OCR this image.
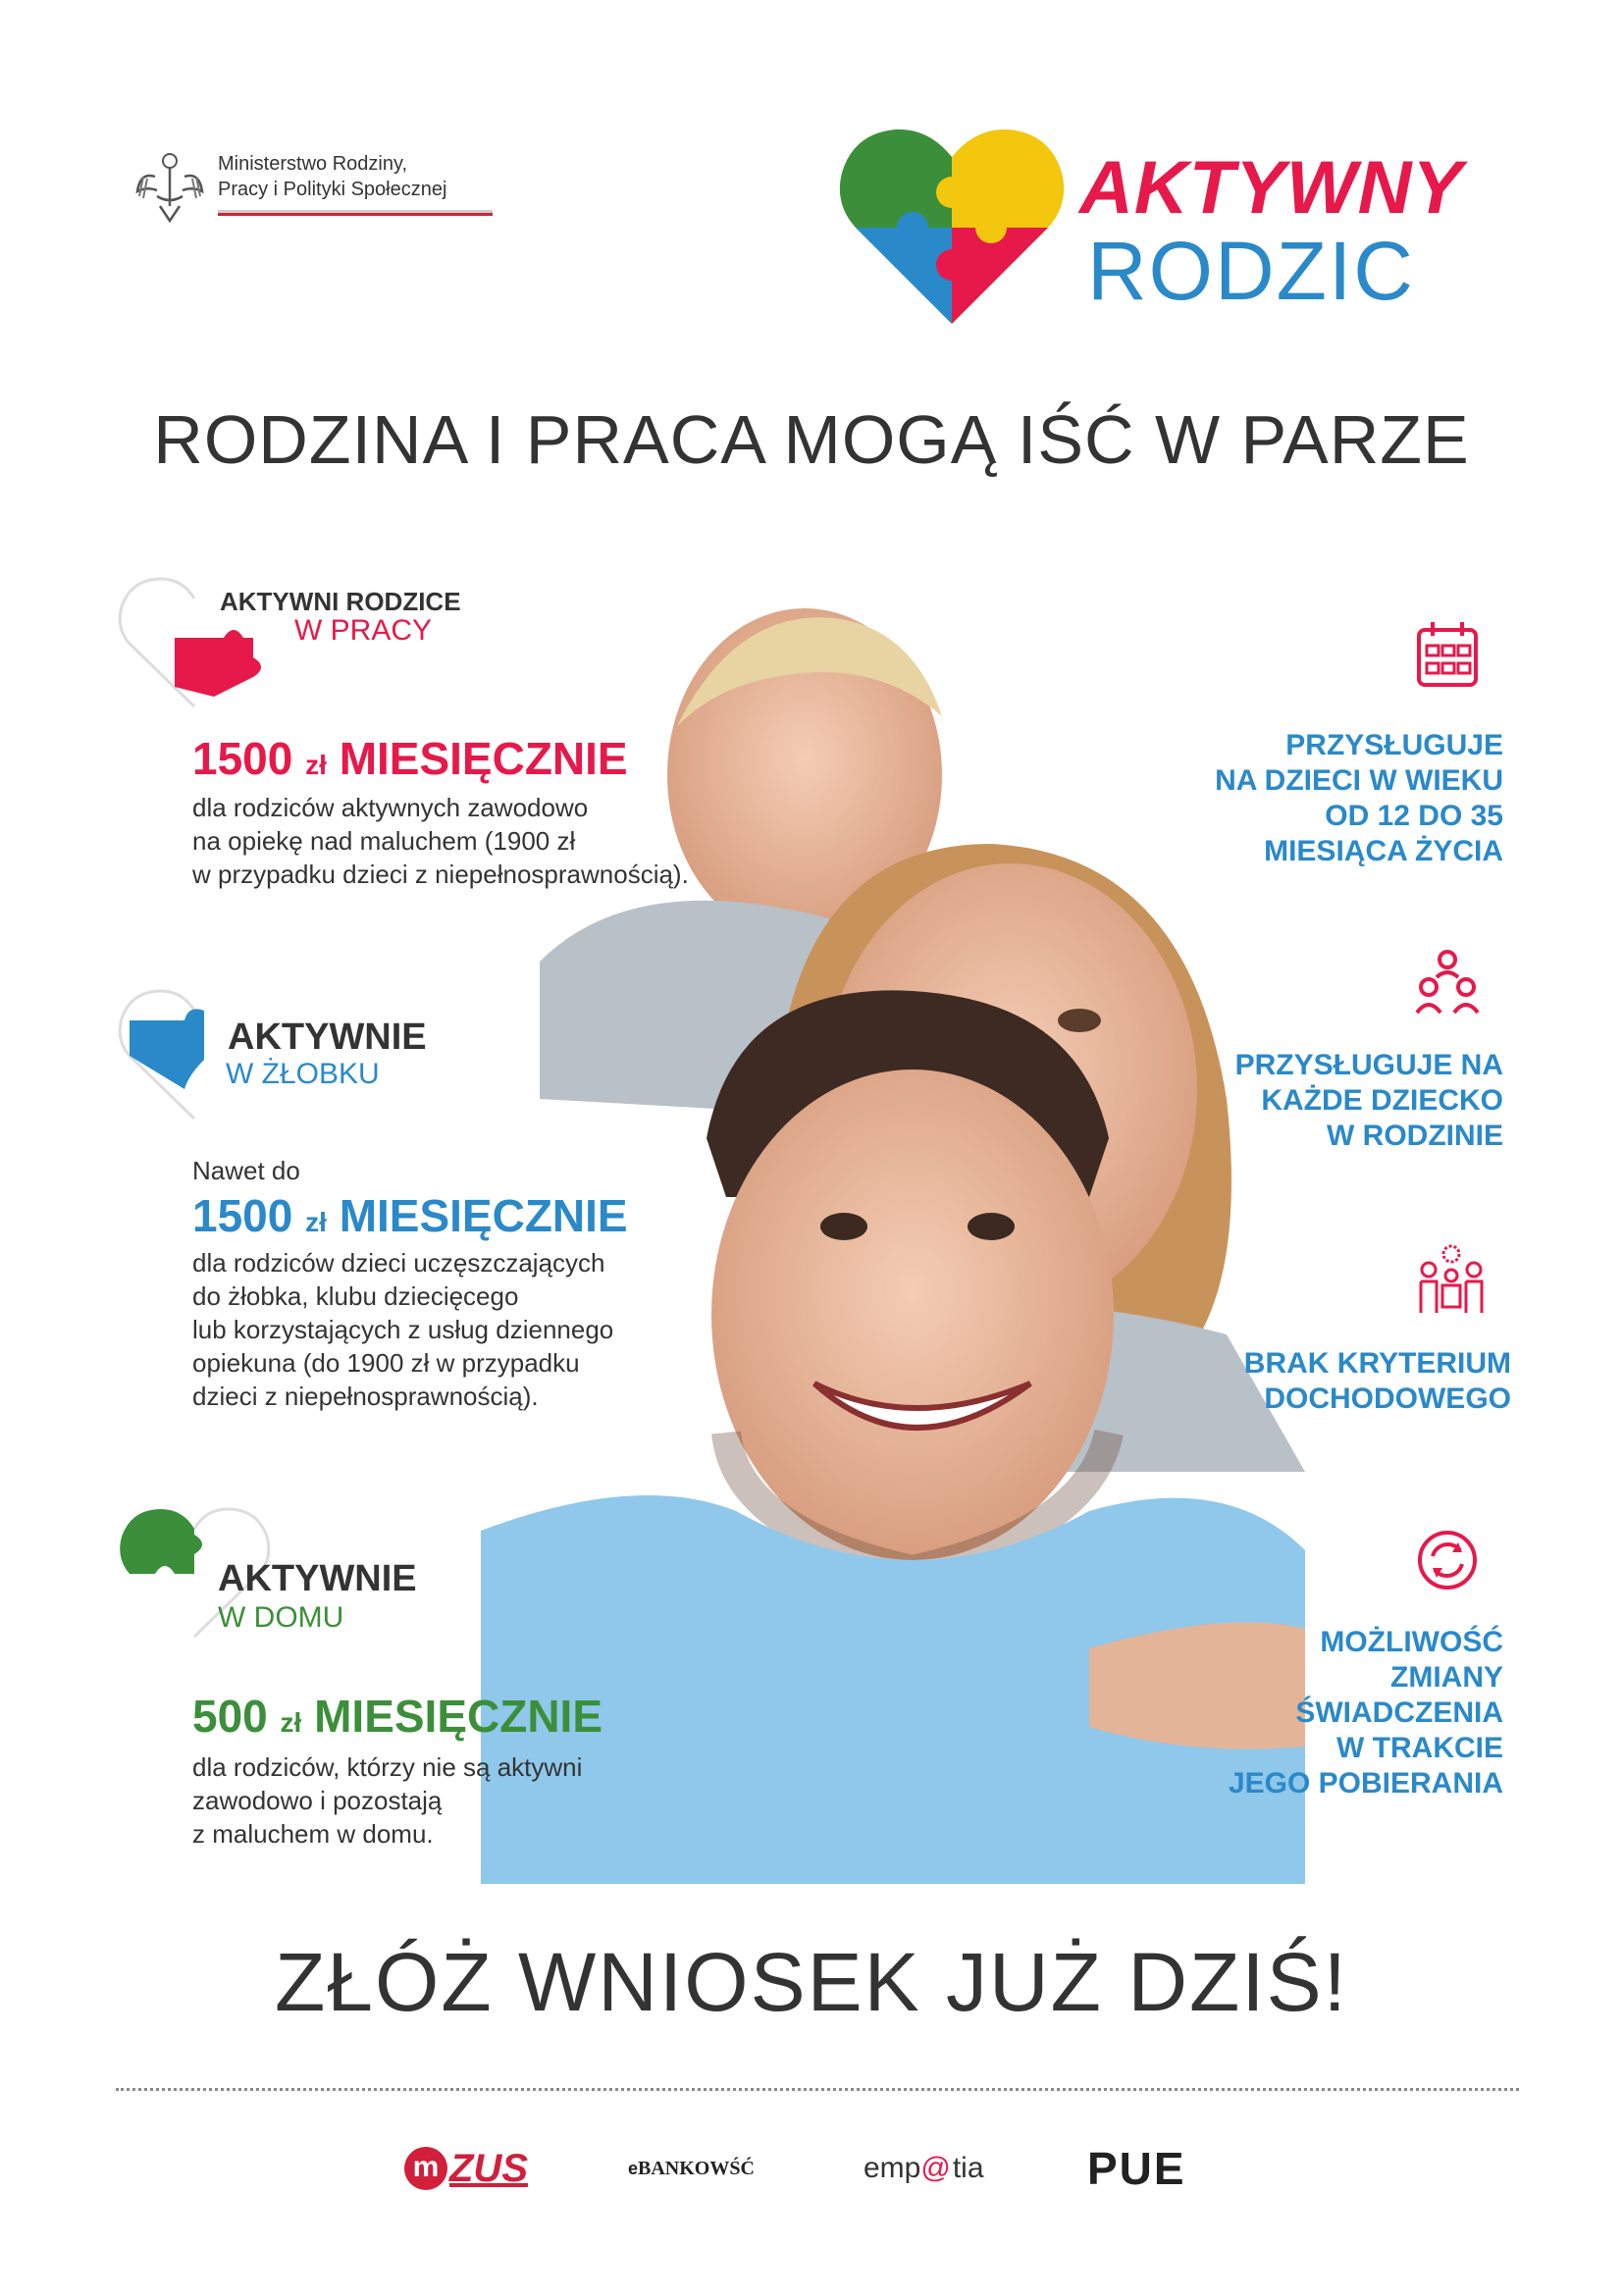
Ministerstwo Rodziny,
Pracy i Polityki Społecznej	AKTYWNY
RODZIC
RODZINA I PRACA MOGĄ IŚĆ W PARZE
AKTYWNI RODZICE
W PRACY
1500 zł MIESIĘCZNIE
dla rodziców aktywnych zawodowo
na opiekę nad maluchem (1900 zł
w przypadku dzieci z niepełnosprawnością).
AKTYWNIE
W ŻŁOBKU
Nawet do
1500 zł MIESIĘCZNIE
dla rodziców dzieci uczęszczających
do żłobka, klubu dziecięcego
lub korzystających z usług dziennego
opiekuna (do 1900 zł w przypadku
dzieci z niepełnosprawnością).
AKTYWNIE
W DOMU
500 zł MIESIĘCZNIE
dla rodziców, którzy nie są aktywni
zawodowo i pozostają
z maluchem w domu.
PRZYSŁUGUJE
NA DZIECI W WIEKU
OD 12 DO 35
MIESIĄCA ŻYCIA
PRZYSŁUGUJE NA
KAŻDE DZIECKO
W RODZINIE
BRAK KRYTERIUM
DOCHODOWEGO
MOŻLIWOŚĆ
ZMIANY
ŚWIADCZENIA
W TRAKCIE
JEGO POBIERANIA
ZŁÓŻ WNIOSEK JUŻ DZIŚ!
m ZUS	e BANKOWŚĆ	emp @ tia PUE
